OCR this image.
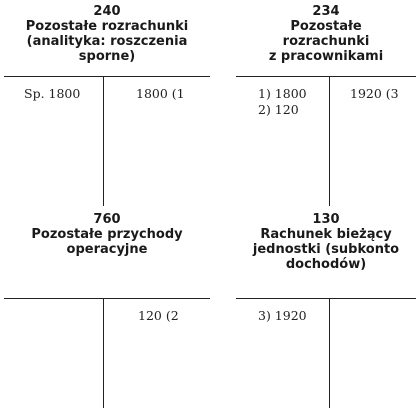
240
Pozostałe rozrachunki
(analityka: roszczenia
sporne)
Sp. 1800	1800 (1
234
Pozostałe
rozrachunki
z pracownikami
1) 1800
2) 120
1920 (3
760
Pozostałe przychody
operacyjne
120 (2
130
Rachunek bieżący
jednostki (subkonto
dochodów)
3) 1920
